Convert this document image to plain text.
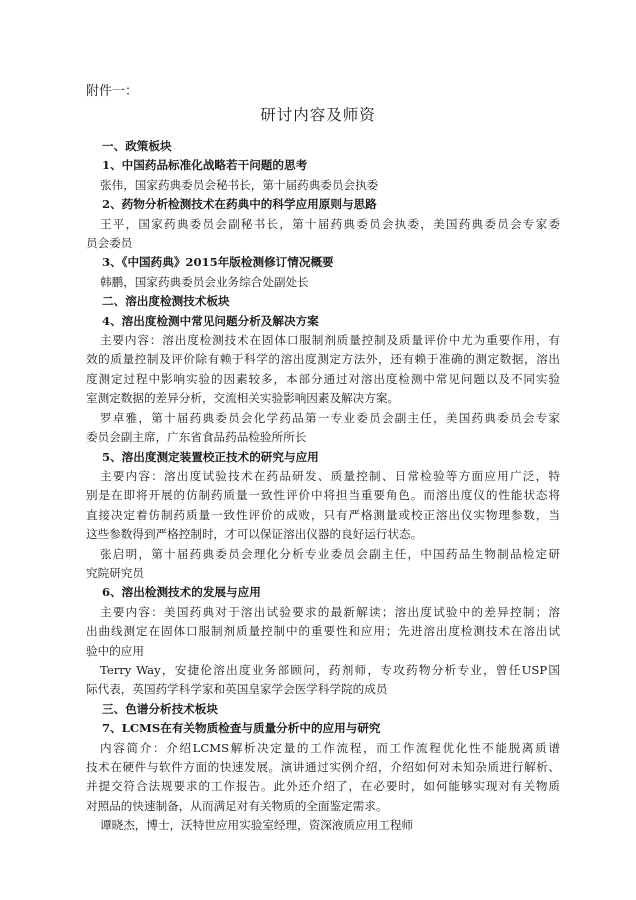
附件一：
研讨内容及师资
一、政策板块
1、中国药品标准化战略若干问题的思考
张伟，国家药典委员会秘书长，第十届药典委员会执委
2、药物分析检测技术在药典中的科学应用原则与思路
王平，国家药典委员会副秘书长，第十届药典委员会执委，美国药典委员会专家委
员会委员
3、《中国药典》2015年版检测修订情况概要
韩鹏，国家药典委员会业务综合处副处长
二、溶出度检测技术板块
4、溶出度检测中常见问题分析及解决方案
主要内容：溶出度检测技术在固体口服制剂质量控制及质量评价中尤为重要作用，有
效的质量控制及评价除有赖于科学的溶出度测定方法外，还有赖于准确的测定数据，溶出
度测定过程中影响实验的因素较多，本部分通过对溶出度检测中常见问题以及不同实验
室测定数据的差异分析，交流相关实验影响因素及解决方案。
罗卓雅，第十届药典委员会化学药品第一专业委员会副主任，美国药典委员会专家
委员会副主席，广东省食品药品检验所所长
5、溶出度测定装置校正技术的研究与应用
主要内容：溶出度试验技术在药品研发、质量控制、日常检验等方面应用广泛，特
别是在即将开展的仿制药质量一致性评价中将担当重要角色。而溶出度仪的性能状态将
直接决定着仿制药质量一致性评价的成败，只有严格测量或校正溶出仪实物理参数，当
这些参数得到严格控制时，才可以保证溶出仪器的良好运行状态。
张启明，第十届药典委员会理化分析专业委员会副主任，中国药品生物制品检定研
究院研究员
6、溶出检测技术的发展与应用
主要内容：美国药典对于溶出试验要求的最新解读；溶出度试验中的差异控制；溶
出曲线测定在固体口服制剂质量控制中的重要性和应用；先进溶出度检测技术在溶出试
验中的应用
Terry Way，安捷伦溶出度业务部顾问，药剂师，专攻药物分析专业，曾任USP国
际代表，英国药学科学家和英国皇家学会医学科学院的成员
三、色谱分析技术板块
7、LCMS在有关物质检查与质量分析中的应用与研究
内容简介：介绍LCMS解析决定量的工作流程，而工作流程优化性不能脱离质谱
技术在硬件与软件方面的快速发展。演讲通过实例介绍，介绍如何对未知杂质进行解析、
并提交符合法规要求的工作报告。此外还介绍了，在必要时，如何能够实现对有关物质
对照品的快速制备，从而满足对有关物质的全面鉴定需求。
谭晓杰，博士，沃特世应用实验室经理，资深液质应用工程师
